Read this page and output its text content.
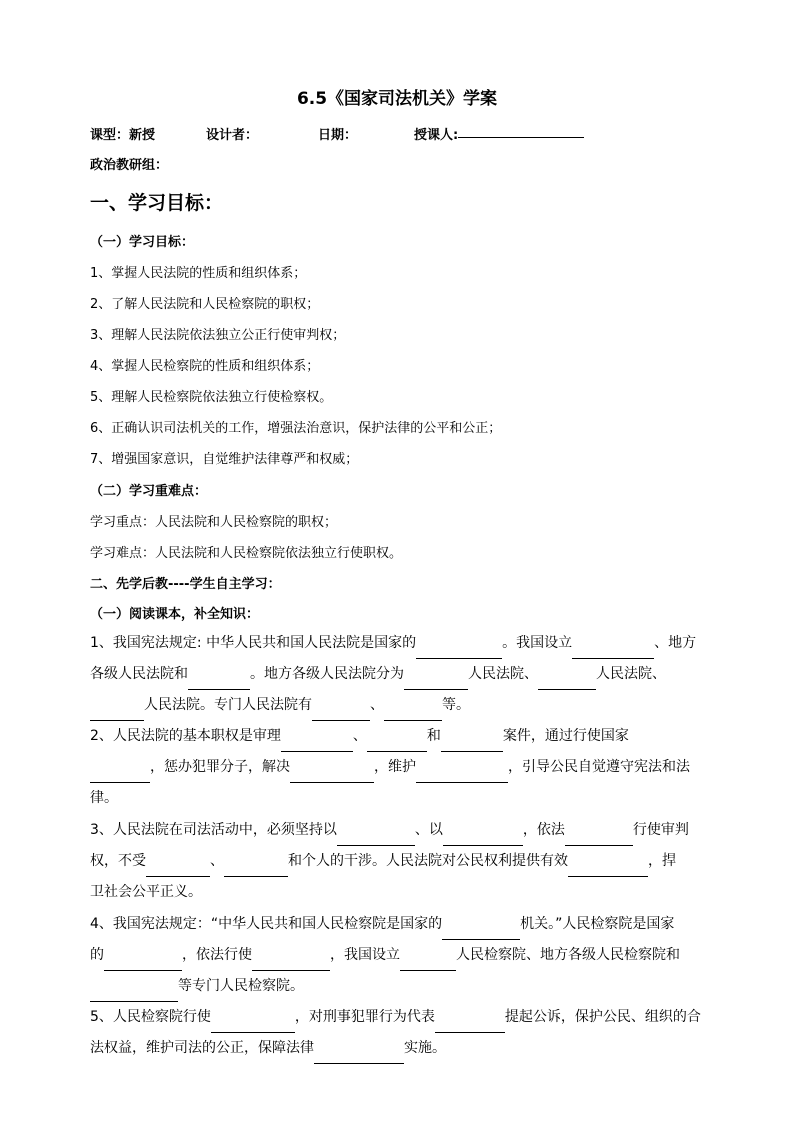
6.5《国家司法机关》学案
课型：新授	设计者：	日期：	授课人:
政治教研组：
一、学习目标：
（一）学习目标：
1、掌握人民法院的性质和组织体系；
2、了解人民法院和人民检察院的职权；
3、理解人民法院依法独立公正行使审判权；
4、掌握人民检察院的性质和组织体系；
5、理解人民检察院依法独立行使检察权。
6、正确认识司法机关的工作，增强法治意识，保护法律的公平和公正；
7、增强国家意识，自觉维护法律尊严和权威；
（二）学习重难点：
学习重点：人民法院和人民检察院的职权；
学习难点：人民法院和人民检察院依法独立行使职权。
二、先学后教----学生自主学习：
（一）阅读课本，补全知识：
1、我国宪法规定: 中华人民共和国人民法院是国家的	。我国设立	、地方
各级人民法院和	。地方各级人民法院分为	人民法院、	人民法院、
人民法院。专门人民法院有	、	等。
2、人民法院的基本职权是审理	、	和	案件，通过行使国家
，惩办犯罪分子，解决	，维护	，引导公民自觉遵守宪法和法
律。
3、人民法院在司法活动中，必须坚持以	、以	，依法	行使审判
权，不受	、	和个人的干涉。人民法院对公民权利提供有效	，捍
卫社会公平正义。
4、我国宪法规定：“中华人民共和国人民检察院是国家的	机关。”人民检察院是国家
的	，依法行使	，我国设立	人民检察院、地方各级人民检察院和
等专门人民检察院。
5、人民检察院行使	，对刑事犯罪行为代表	提起公诉，保护公民、组织的合
法权益，维护司法的公正，保障法律	实施。
